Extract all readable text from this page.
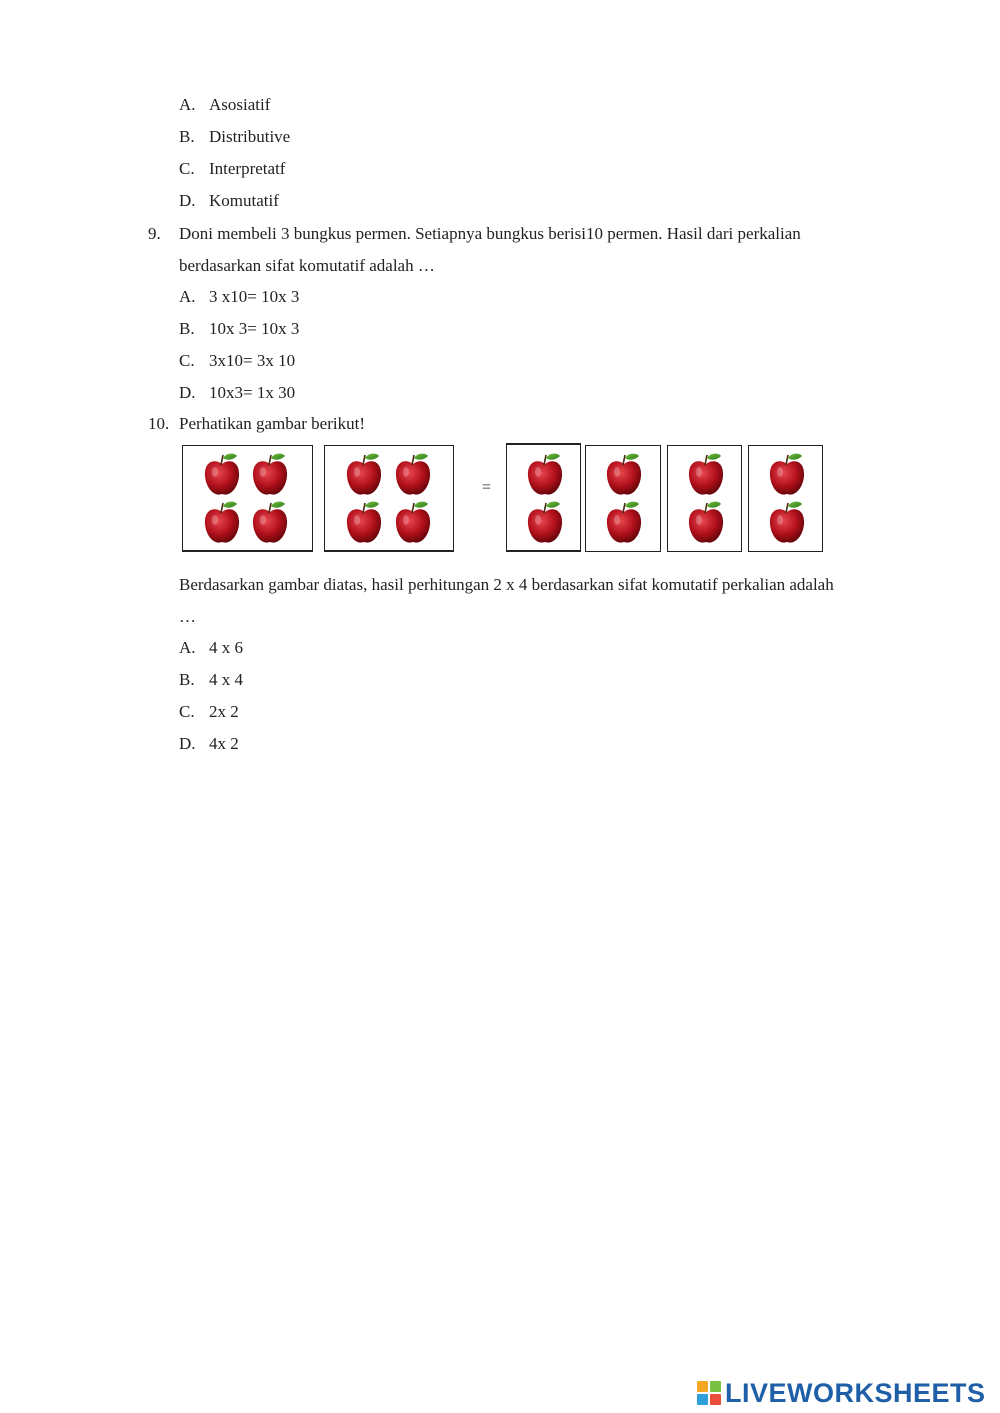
A. Asosiatif
B. Distributive
C. Interpretatf
D. Komutatif
9. Doni membeli 3 bungkus permen. Setiapnya bungkus berisi10 permen. Hasil dari perkalian
berdasarkan sifat komutatif adalah …
A. 3 x10= 10x 3
B. 10x 3= 10x 3
C. 3x10= 3x 10
D. 10x3= 1x 30
10. Perhatikan gambar berikut!
=
Berdasarkan gambar diatas, hasil perhitungan 2 x 4 berdasarkan sifat komutatif perkalian adalah
…
A. 4 x 6
B. 4 x 4
C. 2x 2
D. 4x 2
LIVEWORKSHEETS
